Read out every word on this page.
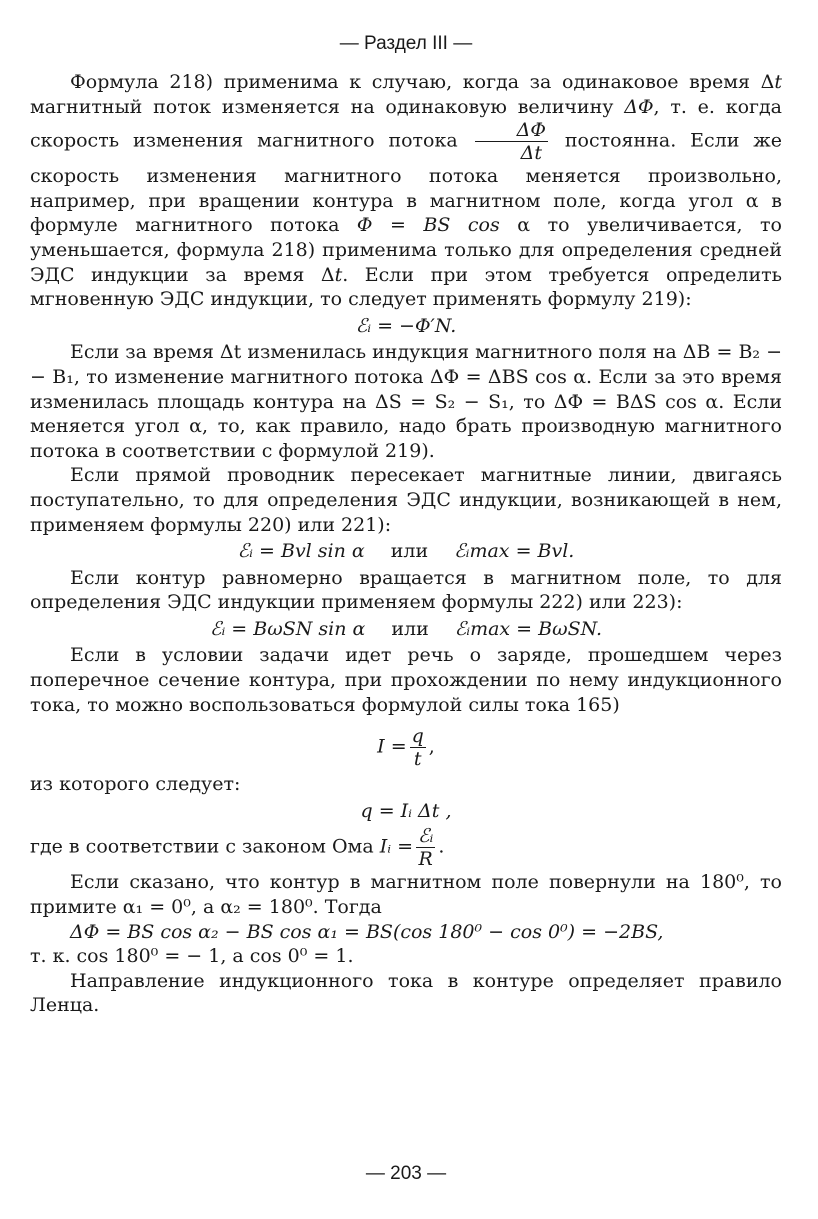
— Раздел III —

Формула 218) применима к случаю, когда за одинаковое время Δt магнитный поток изменяется на одинаковую величину ΔΦ, т. е. когда скорость изменения магнитного потока $\frac{\Delta\Phi}{\Delta t}$ постоянна. Если же скорость изменения магнитного потока меняется произвольно, например, при вращении контура в магнитном поле, когда угол α в формуле магнитного потока Φ = BS cos α то увеличивается, то уменьшается, формула 218) применима только для определения средней ЭДС индукции за время Δt. Если при этом требуется определить мгновенную ЭДС индукции, то следует применять формулу 219):

ℰᵢ = −Φ′N.

Если за время Δt изменилась индукция магнитного поля на ΔB = B₂ − − B₁, то изменение магнитного потока ΔΦ = ΔBS cos α. Если за это время изменилась площадь контура на ΔS = S₂ − S₁, то ΔΦ = BΔS cos α. Если меняется угол α, то, как правило, надо брать производную магнитного потока в соответствии с формулой 219).

Если прямой проводник пересекает магнитные линии, двигаясь поступательно, то для определения ЭДС индукции, возникающей в нем, применяем формулы 220) или 221):

ℰᵢ = Bvl sin α или ℰᵢmax = Bvl.

Если контур равномерно вращается в магнитном поле, то для определения ЭДС индукции применяем формулы 222) или 223):

ℰᵢ = BωSN sin α или ℰᵢmax = BωSN.

Если в условии задачи идет речь о заряде, прошедшем через поперечное сечение контура, при прохождении по нему индукционного тока, то можно воспользоваться формулой силы тока 165)

$I = \frac{q}{t}$ ,

из которого следует:

q = Iᵢ Δt ,

где в соответствии с законом Ома Iᵢ = $\frac{\text{ℰᵢ}}{R}$ .

Если сказано, что контур в магнитном поле повернули на 180⁰, то примите α₁ = 0⁰, а α₂ = 180⁰. Тогда

ΔΦ = BS cos α₂ − BS cos α₁ = BS(cos 180⁰ − cos 0⁰) = −2BS,

т. к. cos 180⁰ = − 1, а cos 0⁰ = 1.

Направление индукционного тока в контуре определяет правило Ленца.

— 203 —
